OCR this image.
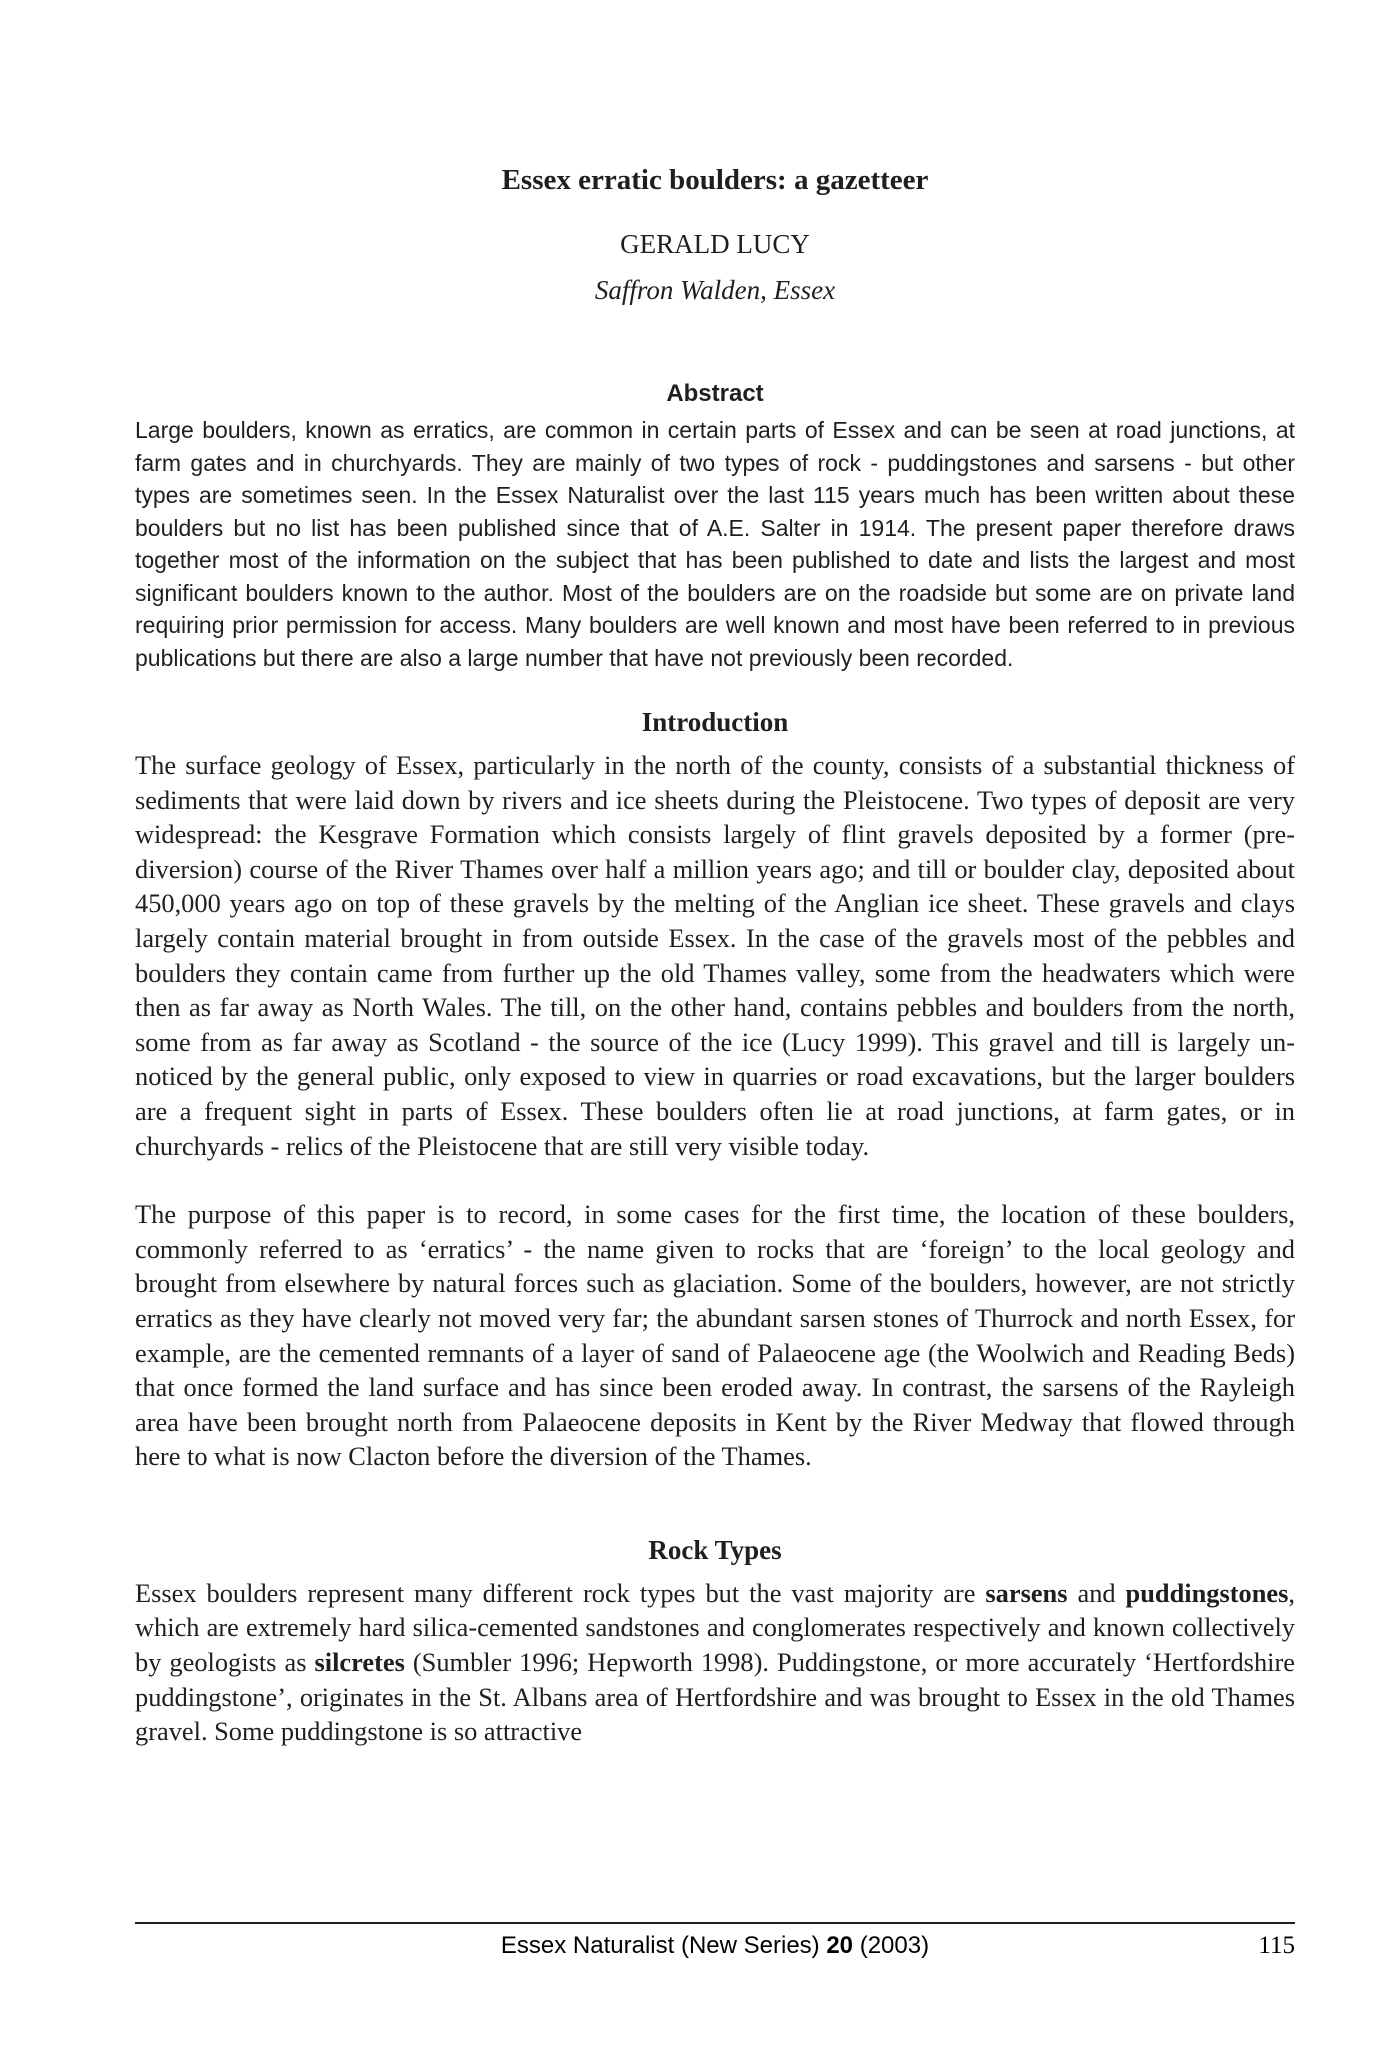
Essex erratic boulders: a gazetteer
GERALD LUCY
Saffron Walden, Essex
Abstract

Large boulders, known as erratics, are common in certain parts of Essex and can be seen at road junctions, at farm gates and in churchyards. They are mainly of two types of rock - puddingstones and sarsens - but other types are sometimes seen. In the Essex Naturalist over the last 115 years much has been written about these boulders but no list has been published since that of A.E. Salter in 1914. The present paper therefore draws together most of the information on the subject that has been published to date and lists the largest and most significant boulders known to the author. Most of the boulders are on the roadside but some are on private land requiring prior permission for access. Many boulders are well known and most have been referred to in previous publications but there are also a large number that have not previously been recorded.

Introduction

The surface geology of Essex, particularly in the north of the county, consists of a substantial thickness of sediments that were laid down by rivers and ice sheets during the Pleistocene. Two types of deposit are very widespread: the Kesgrave Formation which consists largely of flint gravels deposited by a former (pre-diversion) course of the River Thames over half a million years ago; and till or boulder clay, deposited about 450,000 years ago on top of these gravels by the melting of the Anglian ice sheet. These gravels and clays largely contain material brought in from outside Essex. In the case of the gravels most of the pebbles and boulders they contain came from further up the old Thames valley, some from the headwaters which were then as far away as North Wales. The till, on the other hand, contains pebbles and boulders from the north, some from as far away as Scotland - the source of the ice (Lucy 1999). This gravel and till is largely un-noticed by the general public, only exposed to view in quarries or road excavations, but the larger boulders are a frequent sight in parts of Essex. These boulders often lie at road junctions, at farm gates, or in churchyards - relics of the Pleistocene that are still very visible today.

The purpose of this paper is to record, in some cases for the first time, the location of these boulders, commonly referred to as ‘erratics’ - the name given to rocks that are ‘foreign’ to the local geology and brought from elsewhere by natural forces such as glaciation. Some of the boulders, however, are not strictly erratics as they have clearly not moved very far; the abundant sarsen stones of Thurrock and north Essex, for example, are the cemented remnants of a layer of sand of Palaeocene age (the Woolwich and Reading Beds) that once formed the land surface and has since been eroded away. In contrast, the sarsens of the Rayleigh area have been brought north from Palaeocene deposits in Kent by the River Medway that flowed through here to what is now Clacton before the diversion of the Thames.

Rock Types

Essex boulders represent many different rock types but the vast majority are sarsens and puddingstones, which are extremely hard silica-cemented sandstones and conglomerates respectively and known collectively by geologists as silcretes (Sumbler 1996; Hepworth 1998). Puddingstone, or more accurately ‘Hertfordshire puddingstone’, originates in the St. Albans area of Hertfordshire and was brought to Essex in the old Thames gravel. Some puddingstone is so attractive

Essex Naturalist (New Series) 20 (2003)	115
